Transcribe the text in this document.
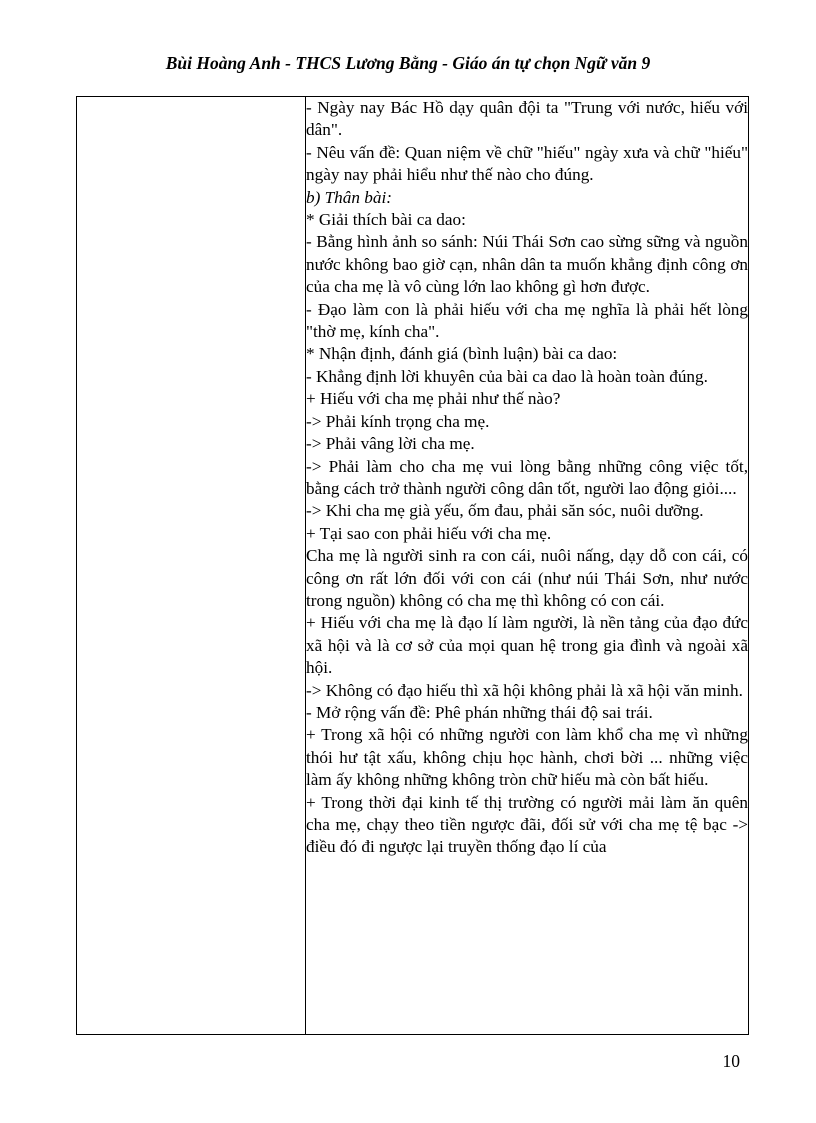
Bùi Hoàng Anh - THCS Lương Bằng - Giáo án tự chọn Ngữ văn 9

- Ngày nay Bác Hồ dạy quân đội ta "Trung với nước, hiếu với dân".

- Nêu vấn đề: Quan niệm về chữ "hiếu" ngày xưa và chữ "hiếu" ngày nay phải hiểu như thế nào cho đúng.

b) Thân bài:

* Giải thích bài ca dao:

- Bằng hình ảnh so sánh: Núi Thái Sơn cao sừng sững và nguồn nước không bao giờ cạn, nhân dân ta muốn khẳng định công ơn của cha mẹ là vô cùng lớn lao không gì hơn được.

- Đạo làm con là phải hiếu với cha mẹ nghĩa là phải hết lòng "thờ mẹ, kính cha".

* Nhận định, đánh giá (bình luận) bài ca dao:

- Khẳng định lời khuyên của bài ca dao là hoàn toàn đúng.

+ Hiếu với cha mẹ phải như thế nào?

-> Phải kính trọng cha mẹ.

-> Phải vâng lời cha mẹ.

-> Phải làm cho cha mẹ vui lòng bằng những công việc tốt, bằng cách trở thành người công dân tốt, người lao động giỏi....

-> Khi cha mẹ già yếu, ốm đau, phải săn sóc, nuôi dưỡng.

+ Tại sao con phải hiếu với cha mẹ.

Cha mẹ là người sinh ra con cái, nuôi nấng, dạy dỗ con cái, có công ơn rất lớn đối với con cái (như núi Thái Sơn, như nước trong nguồn) không có cha mẹ thì không có con cái.

+ Hiếu với cha mẹ là đạo lí làm người, là nền tảng của đạo đức xã hội và là cơ sở của mọi quan hệ trong gia đình và ngoài xã hội.

-> Không có đạo hiếu thì xã hội không phải là xã hội văn minh.

- Mở rộng vấn đề: Phê phán những thái độ sai trái.

+ Trong xã hội có những người con làm khổ cha mẹ vì những thói hư tật xấu, không chịu học hành, chơi bời ... những việc làm ấy không những không tròn chữ hiếu mà còn bất hiếu.

+ Trong thời đại kinh tế thị trường có người mải làm ăn quên cha mẹ, chạy theo tiền ngược đãi, đối sử với cha mẹ tệ bạc -> điều đó đi ngược lại truyền thống đạo lí của

10
